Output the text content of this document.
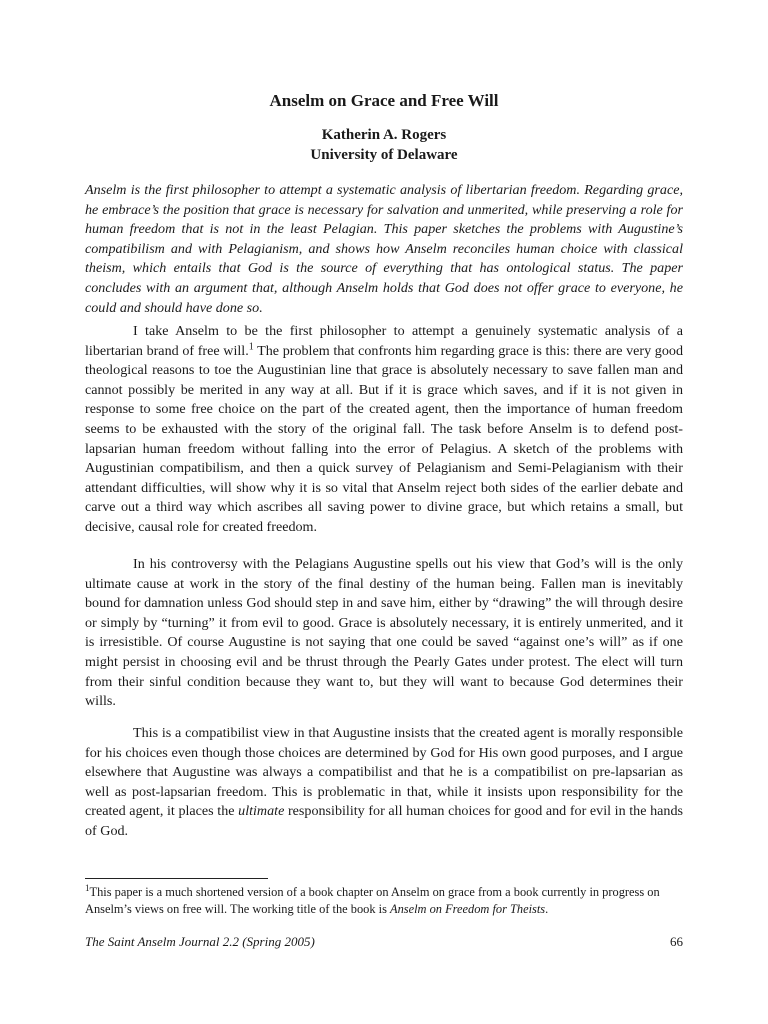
Anselm on Grace and Free Will

Katherin A. Rogers

University of Delaware

Anselm is the first philosopher to attempt a systematic analysis of libertarian freedom. Regarding grace, he embrace’s the position that grace is necessary for salvation and unmerited, while preserving a role for human freedom that is not in the least Pelagian. This paper sketches the problems with Augustine’s compatibilism and with Pelagianism, and shows how Anselm reconciles human choice with classical theism, which entails that God is the source of everything that has ontological status. The paper concludes with an argument that, although Anselm holds that God does not offer grace to everyone, he could and should have done so.

I take Anselm to be the first philosopher to attempt a genuinely systematic analysis of a libertarian brand of free will.$^1$ The problem that confronts him regarding grace is this: there are very good theological reasons to toe the Augustinian line that grace is absolutely necessary to save fallen man and cannot possibly be merited in any way at all. But if it is grace which saves, and if it is not given in response to some free choice on the part of the created agent, then the importance of human freedom seems to be exhausted with the story of the original fall. The task before Anselm is to defend post-lapsarian human freedom without falling into the error of Pelagius. A sketch of the problems with Augustinian compatibilism, and then a quick survey of Pelagianism and Semi-Pelagianism with their attendant difficulties, will show why it is so vital that Anselm reject both sides of the earlier debate and carve out a third way which ascribes all saving power to divine grace, but which retains a small, but decisive, causal role for created freedom.

In his controversy with the Pelagians Augustine spells out his view that God’s will is the only ultimate cause at work in the story of the final destiny of the human being. Fallen man is inevitably bound for damnation unless God should step in and save him, either by “drawing” the will through desire or simply by “turning” it from evil to good. Grace is absolutely necessary, it is entirely unmerited, and it is irresistible. Of course Augustine is not saying that one could be saved “against one’s will” as if one might persist in choosing evil and be thrust through the Pearly Gates under protest. The elect will turn from their sinful condition because they want to, but they will want to because God determines their wills.

This is a compatibilist view in that Augustine insists that the created agent is morally responsible for his choices even though those choices are determined by God for His own good purposes, and I argue elsewhere that Augustine was always a compatibilist and that he is a compatibilist on pre-lapsarian as well as post-lapsarian freedom. This is problematic in that, while it insists upon responsibility for the created agent, it places the ultimate responsibility for all human choices for good and for evil in the hands of God.

$^1$This paper is a much shortened version of a book chapter on Anselm on grace from a book currently in progress on Anselm’s views on free will. The working title of the book is Anselm on Freedom for Theists.

The Saint Anselm Journal 2.2 (Spring 2005)	66
